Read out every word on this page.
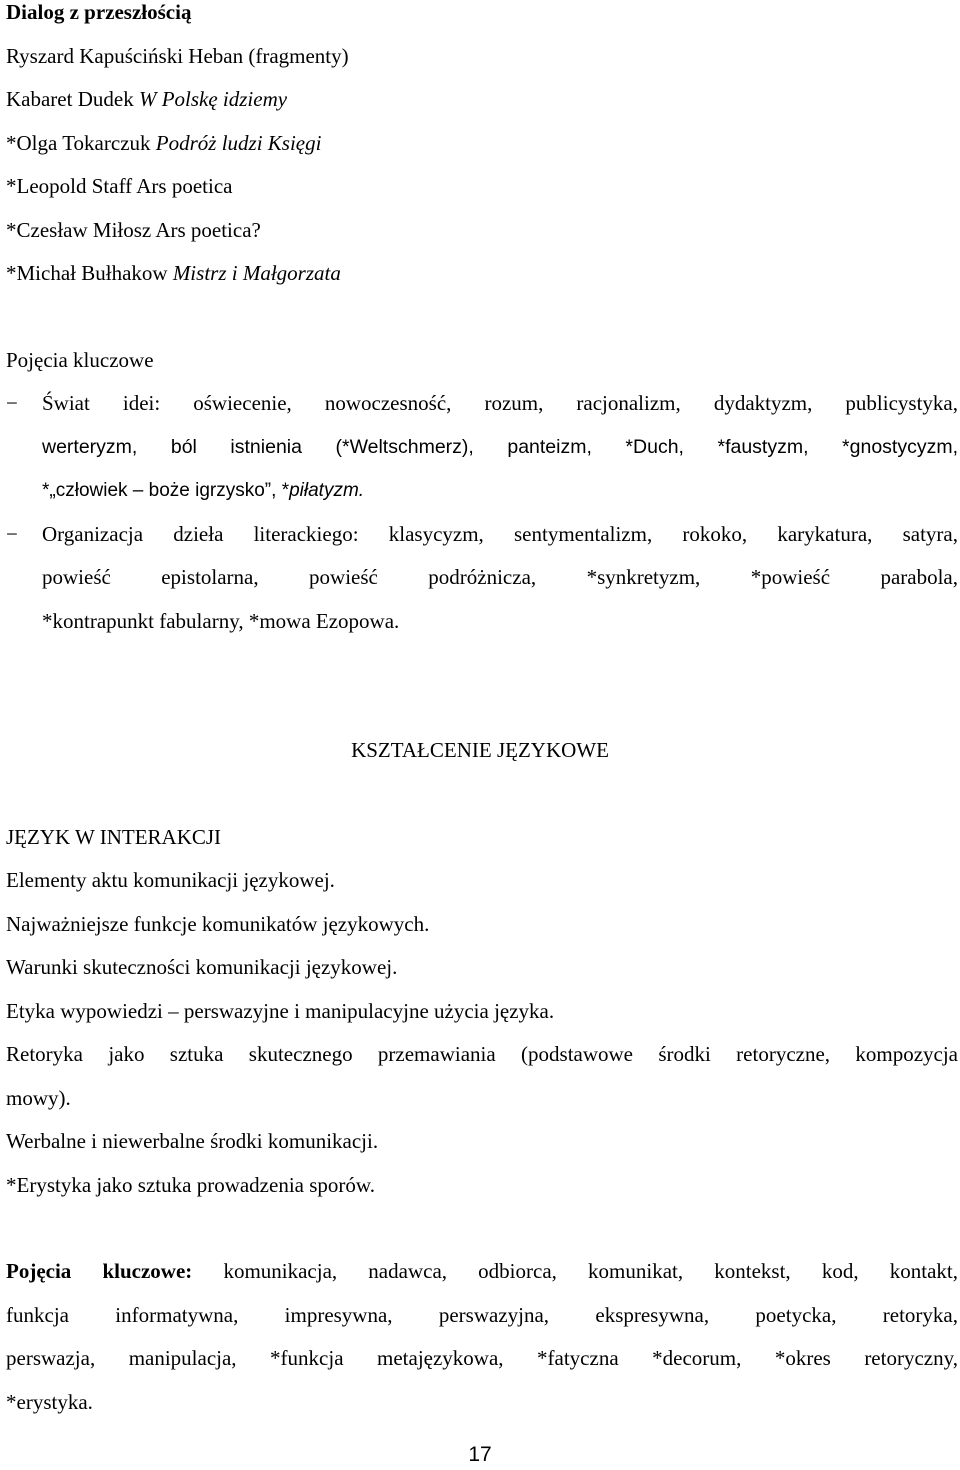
Dialog z przeszłością
Ryszard Kapuściński Heban (fragmenty)
Kabaret Dudek W Polskę idziemy
*Olga Tokarczuk Podróż ludzi Księgi
*Leopold Staff Ars poetica
*Czesław Miłosz Ars poetica?
*Michał Bułhakow Mistrz i Małgorzata
Pojęcia kluczowe
−	Świat idei: oświecenie, nowoczesność, rozum, racjonalizm, dydaktyzm, publicystyka,
werteryzm, ból istnienia (*Weltschmerz), panteizm, *Duch, *faustyzm, *gnostycyzm,
*„człowiek – boże igrzysko”, *piłatyzm.
−	Organizacja dzieła literackiego: klasycyzm, sentymentalizm, rokoko, karykatura, satyra,
powieść epistolarna, powieść podróżnicza, *synkretyzm, *powieść parabola,
*kontrapunkt fabularny, *mowa Ezopowa.
KSZTAŁCENIE JĘZYKOWE
JĘZYK W INTERAKCJI
Elementy aktu komunikacji językowej.
Najważniejsze funkcje komunikatów językowych.
Warunki skuteczności komunikacji językowej.
Etyka wypowiedzi – perswazyjne i manipulacyjne użycia języka.
Retoryka jako sztuka skutecznego przemawiania (podstawowe środki retoryczne, kompozycja
mowy).
Werbalne i niewerbalne środki komunikacji.
*Erystyka jako sztuka prowadzenia sporów.
Pojęcia kluczowe: komunikacja, nadawca, odbiorca, komunikat, kontekst, kod, kontakt,
funkcja informatywna, impresywna, perswazyjna, ekspresywna, poetycka, retoryka,
perswazja, manipulacja, *funkcja metajęzykowa, *fatyczna *decorum, *okres retoryczny,
*erystyka.
17
